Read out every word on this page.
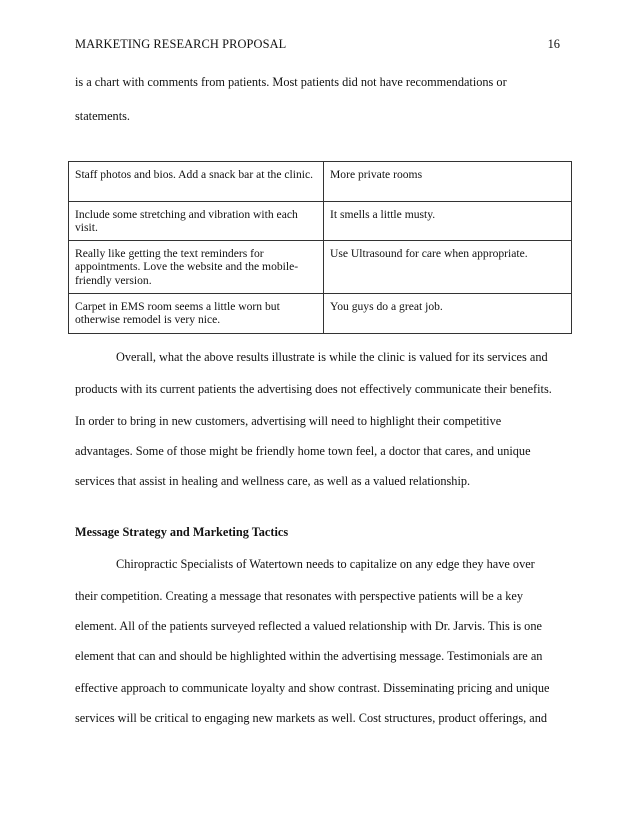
MARKETING RESEARCH PROPOSAL	16
is a chart with comments from patients. Most patients did not have recommendations or
statements.
Staff photos and bios. Add a snack bar at the clinic.	More private rooms
Include some stretching and vibration with each visit.	It smells a little musty.
Really like getting the text reminders for appointments. Love the website and the mobile-friendly version.	Use Ultrasound for care when appropriate.
Carpet in EMS room seems a little worn but otherwise remodel is very nice.	You guys do a great job.
Overall, what the above results illustrate is while the clinic is valued for its services and
products with its current patients the advertising does not effectively communicate their benefits.
In order to bring in new customers, advertising will need to highlight their competitive
advantages. Some of those might be friendly home town feel, a doctor that cares, and unique
services that assist in healing and wellness care, as well as a valued relationship.
Message Strategy and Marketing Tactics
Chiropractic Specialists of Watertown needs to capitalize on any edge they have over
their competition. Creating a message that resonates with perspective patients will be a key
element. All of the patients surveyed reflected a valued relationship with Dr. Jarvis. This is one
element that can and should be highlighted within the advertising message. Testimonials are an
effective approach to communicate loyalty and show contrast. Disseminating pricing and unique
services will be critical to engaging new markets as well. Cost structures, product offerings, and
